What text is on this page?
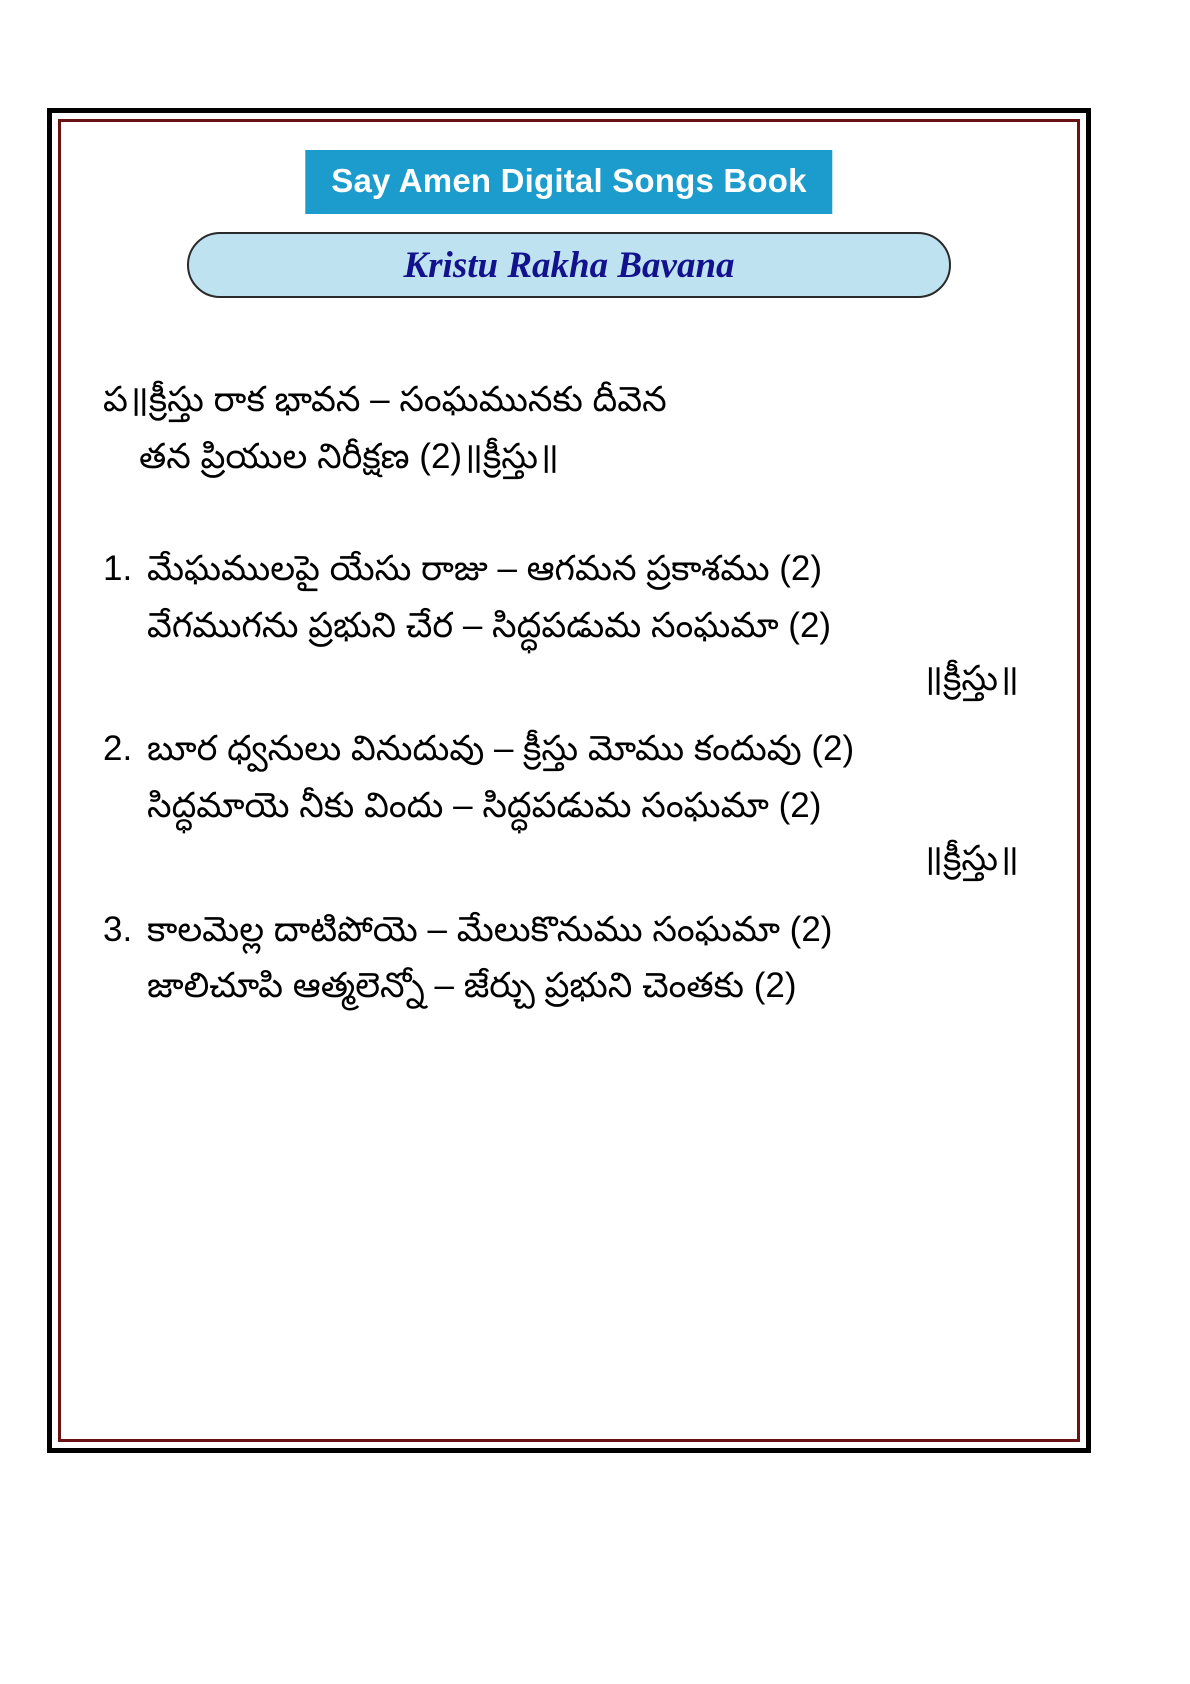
Say Amen Digital Songs Book
Kristu Rakha Bavana
ప॥క్రీస్తు రాక భావన – సంఘమునకు దీవెన
తన ప్రియుల నిరీక్షణ (2)॥క్రీస్తు॥
1. మేఘములపై యేసు రాజు – ఆగమన ప్రకాశము (2)
వేగముగను ప్రభుని చేర – సిద్ధపడుమ సంఘమా (2)
॥క్రీస్తు॥
2. బూర ధ్వనులు వినుదువు – క్రీస్తు మోము కందువు (2)
సిద్ధమాయె నీకు విందు – సిద్ధపడుమ సంఘమా (2)
॥క్రీస్తు॥
3. కాలమెల్ల దాటిపోయె – మేలుకొనుము సంఘమా (2)
జాలిచూపి ఆత్మలెన్నో – జేర్చు ప్రభుని చెంతకు (2)
